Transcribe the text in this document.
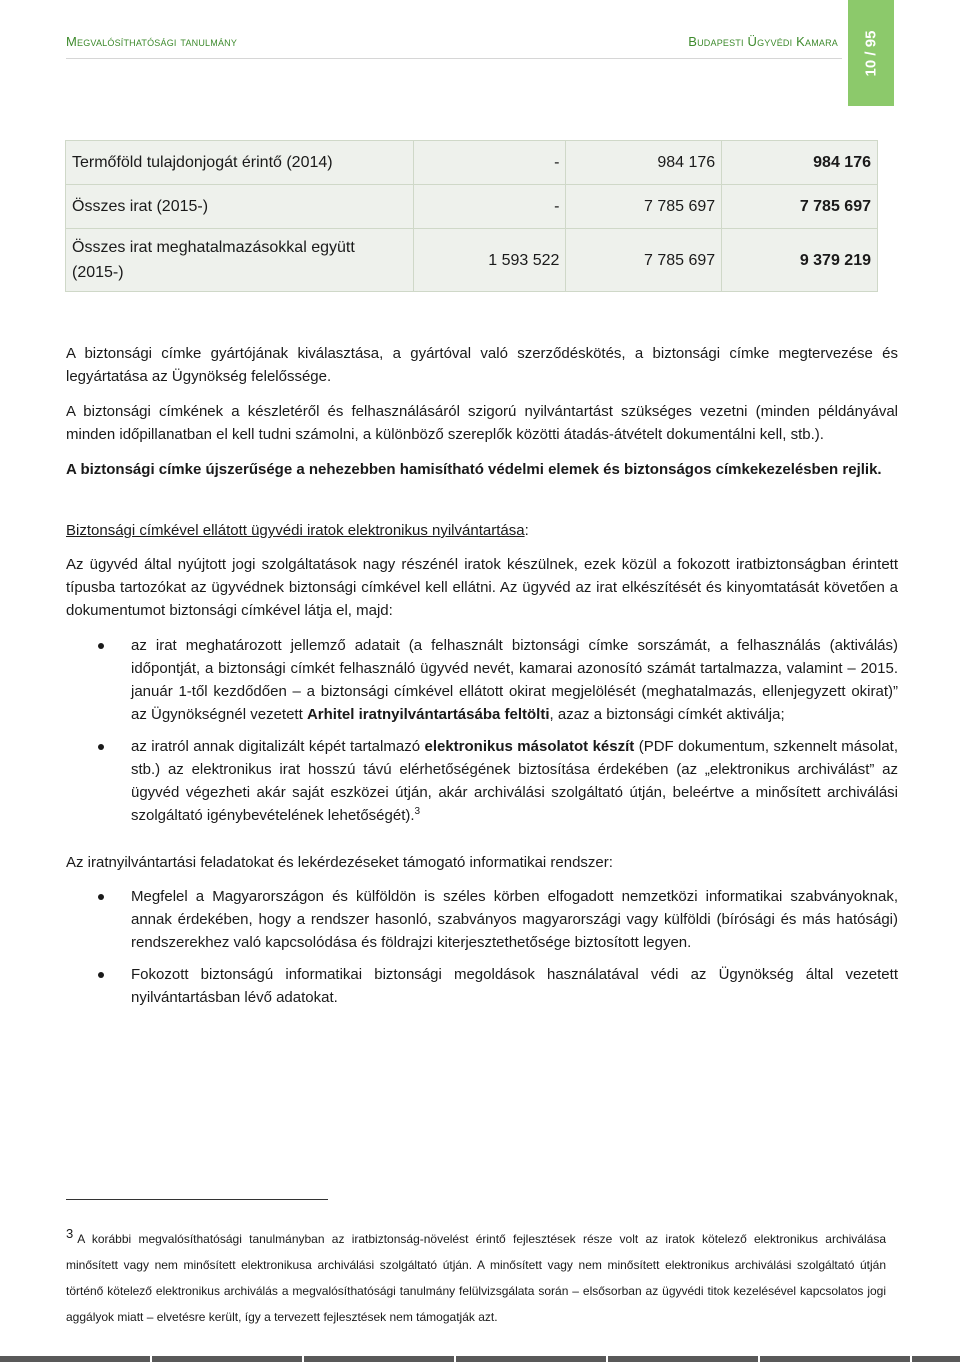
Megvalósíthatósági tanulmány	Budapesti Ügyvédi Kamara 10 / 95
Termőföld tulajdonjogát érintő (2014)	-	984 176	984 176
Összes irat (2015-)	-	7 785 697	7 785 697
Összes irat meghatalmazásokkal együtt
(2015-)	1 593 522	7 785 697	9 379 219

A biztonsági címke gyártójának kiválasztása, a gyártóval való szerződéskötés, a biztonsági címke megtervezése és legyártatása az Ügynökség felelőssége.

A biztonsági címkének a készletéről és felhasználásáról szigorú nyilvántartást szükséges vezetni (minden példányával minden időpillanatban el kell tudni számolni, a különböző szereplők közötti átadás-átvételt dokumentálni kell, stb.).

A biztonsági címke újszerűsége a nehezebben hamisítható védelmi elemek és biztonságos címkekezelésben rejlik.

Biztonsági címkével ellátott ügyvédi iratok elektronikus nyilvántartása:

Az ügyvéd által nyújtott jogi szolgáltatások nagy részénél iratok készülnek, ezek közül a fokozott iratbiztonságban érintett típusba tartozókat az ügyvédnek biztonsági címkével kell ellátni. Az ügyvéd az irat elkészítését és kinyomtatását követően a dokumentumot biztonsági címkével látja el, majd:

az irat meghatározott jellemző adatait (a felhasznált biztonsági címke sorszámát, a felhasználás (aktiválás) időpontját, a biztonsági címkét felhasználó ügyvéd nevét, kamarai azonosító számát tartalmazza, valamint – 2015. január 1-től kezdődően – a biztonsági címkével ellátott okirat megjelölését (meghatalmazás, ellenjegyzett okirat)” az Ügynökségnél vezetett Arhitel iratnyilvántartásába feltölti, azaz a biztonsági címkét aktiválja;
az iratról annak digitalizált képét tartalmazó elektronikus másolatot készít (PDF dokumentum, szkennelt másolat, stb.) az elektronikus irat hosszú távú elérhetőségének biztosítása érdekében (az „elektronikus archiválást” az ügyvéd végezheti akár saját eszközei útján, akár archiválási szolgáltató útján, beleértve a minősített archiválási szolgáltató igénybevételének lehetőségét).$^3$

Az iratnyilvántartási feladatokat és lekérdezéseket támogató informatikai rendszer:

Megfelel a Magyarországon és külföldön is széles körben elfogadott nemzetközi informatikai szabványoknak, annak érdekében, hogy a rendszer hasonló, szabványos magyarországi vagy külföldi (bírósági és más hatósági) rendszerekhez való kapcsolódása és földrajzi kiterjesztethetősége biztosított legyen.
Fokozott biztonságú informatikai biztonsági megoldások használatával védi az Ügynökség által vezetett nyilvántartásban lévő adatokat.
3 A korábbi megvalósíthatósági tanulmányban az iratbiztonság-növelést érintő fejlesztések része volt az iratok kötelező elektronikus archiválása minősített vagy nem minősített elektronikusa archiválási szolgáltató útján. A minősített vagy nem minősített elektronikus archiválási szolgáltató útján történő kötelező elektronikus archiválás a megvalósíthatósági tanulmány felülvizsgálata során – elsősorban az ügyvédi titok kezelésével kapcsolatos jogi aggályok miatt – elvetésre került, így a tervezett fejlesztések nem támogatják azt.
